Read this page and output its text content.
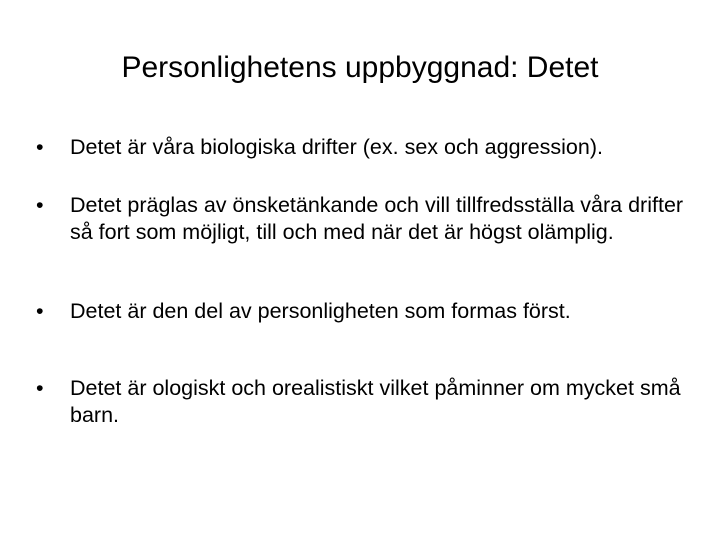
Personlighetens uppbyggnad: Detet
•	Detet är våra biologiska drifter (ex. sex och aggression).
•	Detet präglas av önsketänkande och vill tillfredsställa våra drifter så fort som möjligt, till och med när det är högst olämplig.
•	Detet är den del av personligheten som formas först.
•	Detet är ologiskt och orealistiskt vilket påminner om mycket små barn.
